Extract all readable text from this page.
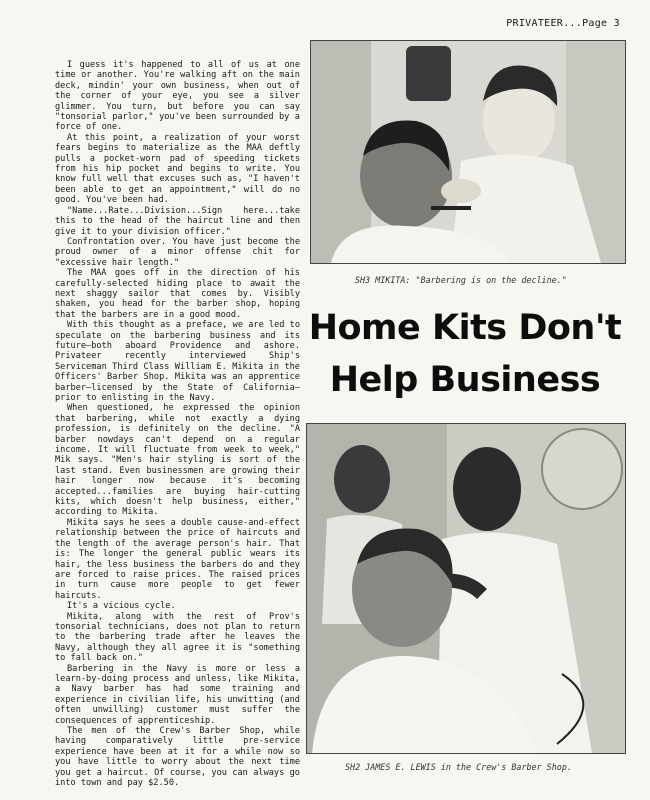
PRIVATEER...Page 3

I guess it's happened to all of us at one time or another. You're walking aft on the main deck, mindin' your own business, when out of the corner of your eye, you see a silver glimmer. You turn, but before you can say "tonsorial parlor," you've been surrounded by a force of one.

At this point, a realization of your worst fears begins to materialize as the MAA deftly pulls a pocket-worn pad of speeding tickets from his hip pocket and begins to write. You know full well that excuses such as, "I haven't been able to get an appointment," will do no good. You've been had.

"Name...Rate...Division...Sign here...take this to the head of the haircut line and then give it to your division officer."

Confrontation over. You have just become the proud owner of a minor offense chit for "excessive hair length."

The MAA goes off in the direction of his carefully-selected hiding place to await the next shaggy sailor that comes by. Visibly shaken, you head for the barber shop, hoping that the barbers are in a good mood.

With this thought as a preface, we are led to speculate on the barbering business and its future—both aboard Providence and ashore. Privateer recently interviewed Ship's Serviceman Third Class William E. Mikita in the Officers' Barber Shop. Mikita was an apprentice barber—licensed by the State of California—prior to enlisting in the Navy.

When questioned, he expressed the opinion that barbering, while not exactly a dying profession, is definitely on the decline. "A barber nowdays can't depend on a regular income. It will fluctuate from week to week," Mik says. "Men's hair styling is sort of the last stand. Even businessmen are growing their hair longer now because it's becoming accepted...families are buying hair-cutting kits, which doesn't help business, either," according to Mikita.

Mikita says he sees a double cause-and-effect relationship between the price of haircuts and the length of the average person's hair. That is: The longer the general public wears its hair, the less business the barbers do and they are forced to raise prices. The raised prices in turn cause more people to get fewer haircuts.

It's a vicious cycle.

Mikita, along with the rest of Prov's tonsorial technicians, does not plan to return to the barbering trade after he leaves the Navy, although they all agree it is "something to fall back on."

Barbering in the Navy is more or less a learn-by-doing process and unless, like Mikita, a Navy barber has had some training and experience in civilian life, his unwitting (and often unwilling) customer must suffer the consequences of apprenticeship.

The men of the Crew's Barber Shop, while having comparatively little pre-service experience have been at it for a while now so you have little to worry about the next time you get a haircut. Of course, you can always go into town and pay $2.50.

SH3 MIKITA: "Barbering is on the decline."
Home Kits Don't
Help Business
SH2 JAMES E. LEWIS in the Crew's Barber Shop.
